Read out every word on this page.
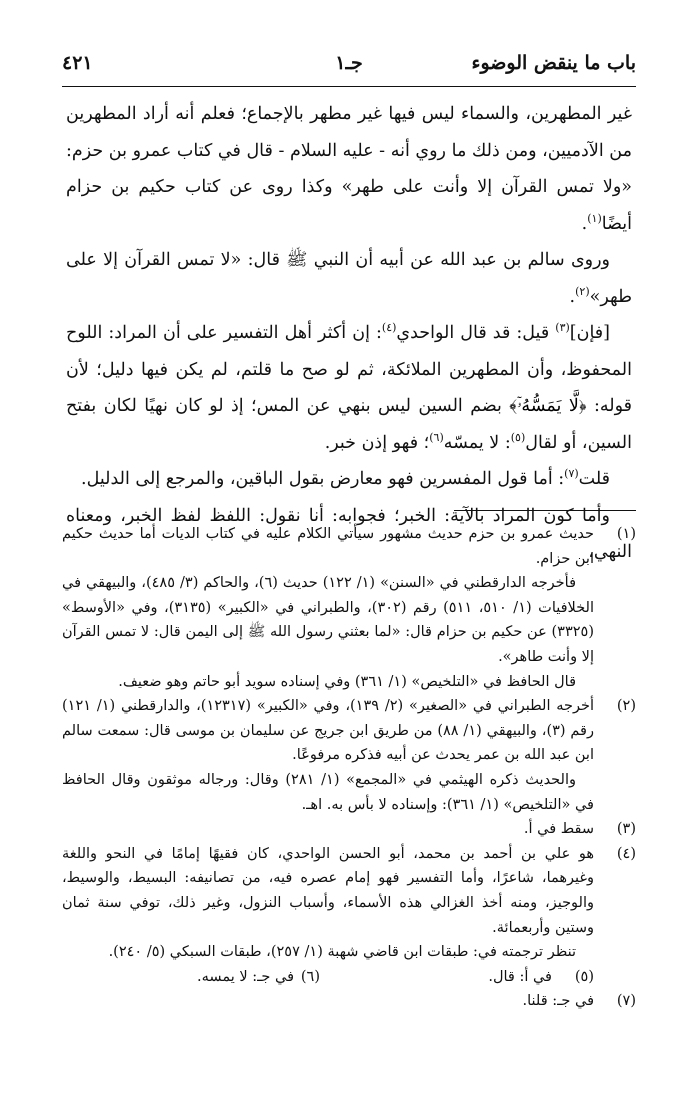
باب ما ينقض الوضوء
جـ١
٤٢١

غير المطهرين، والسماء ليس فيها غير مطهر بالإجماع؛ فعلم أنه أراد المطهرين من الآدميين، ومن ذلك ما روي أنه - عليه السلام - قال في كتاب عمرو بن حزم: «ولا تمس القرآن إلا وأنت على طهر» وكذا روى عن كتاب حكيم بن حزام أيضًا$^{(١)}$.

وروى سالم بن عبد الله عن أبيه أن النبي ﷺ قال: «لا تمس القرآن إلا على طهر»$^{(٢)}$.

[فإن]$^{(٣)}$ قيل: قد قال الواحدي$^{(٤)}$: إن أكثر أهل التفسير على أن المراد: اللوح المحفوظ، وأن المطهرين الملائكة، ثم لو صح ما قلتم، لم يكن فيها دليل؛ لأن قوله: ﴿لَّا يَمَسُّهُۥٓ﴾ بضم السين ليس بنهي عن المس؛ إذ لو كان نهيًا لكان بفتح السين، أو لقال$^{(٥)}$: لا يمسّه$^{(٦)}$؛ فهو إذن خبر.

قلت$^{(٧)}$: أما قول المفسرين فهو معارض بقول الباقين، والمرجع إلى الدليل.

وأما كون المراد بالآية: الخبر؛ فجوابه: أنا نقول: اللفظ لفظ الخبر، ومعناه النهي،

(١)

حديث عمرو بن حزم حديث مشهور سيأتي الكلام عليه في كتاب الديات أما حديث حكيم ابن حزام.

فأخرجه الدارقطني في «السنن» (١/ ١٢٢) حديث (٦)، والحاكم (٣/ ٤٨٥)، والبيهقي في الخلافيات (١/ ٥١٠، ٥١١) رقم (٣٠٢)، والطبراني في «الكبير» (٣١٣٥)، وفي «الأوسط» (٣٣٢٥) عن حكيم بن حزام قال: «لما بعثني رسول الله ﷺ إلى اليمن قال: لا تمس القرآن إلا وأنت طاهر».

قال الحافظ في «التلخيص» (١/ ٣٦١) وفي إسناده سويد أبو حاتم وهو ضعيف.

(٢)

أخرجه الطبراني في «الصغير» (٢/ ١٣٩)، وفي «الكبير» (١٢٣١٧)، والدارقطني (١/ ١٢١) رقم (٣)، والبيهقي (١/ ٨٨) من طريق ابن جريج عن سليمان بن موسى قال: سمعت سالم ابن عبد الله بن عمر يحدث عن أبيه فذكره مرفوعًا.

والحديث ذكره الهيثمي في «المجمع» (١/ ٢٨١) وقال: ورجاله موثقون وقال الحافظ في «التلخيص» (١/ ٣٦١): وإسناده لا بأس به. اهـ.

(٣)

سقط في أ.

(٤)

هو علي بن أحمد بن محمد، أبو الحسن الواحدي، كان فقيهًا إمامًا في النحو واللغة وغيرهما، شاعرًا، وأما التفسير فهو إمام عصره فيه، من تصانيفه: البسيط، والوسيط، والوجيز، ومنه أخذ الغزالي هذه الأسماء، وأسباب النزول، وغير ذلك، توفي سنة ثمان وستين وأربعمائة.

تنظر ترجمته في: طبقات ابن قاضي شهبة (١/ ٢٥٧)، طبقات السبكي (٥/ ٢٤٠).

(٥)
في أ: قال.
(٦)
في جـ: لا يمسه.
(٧)

في جـ: قلنا.
